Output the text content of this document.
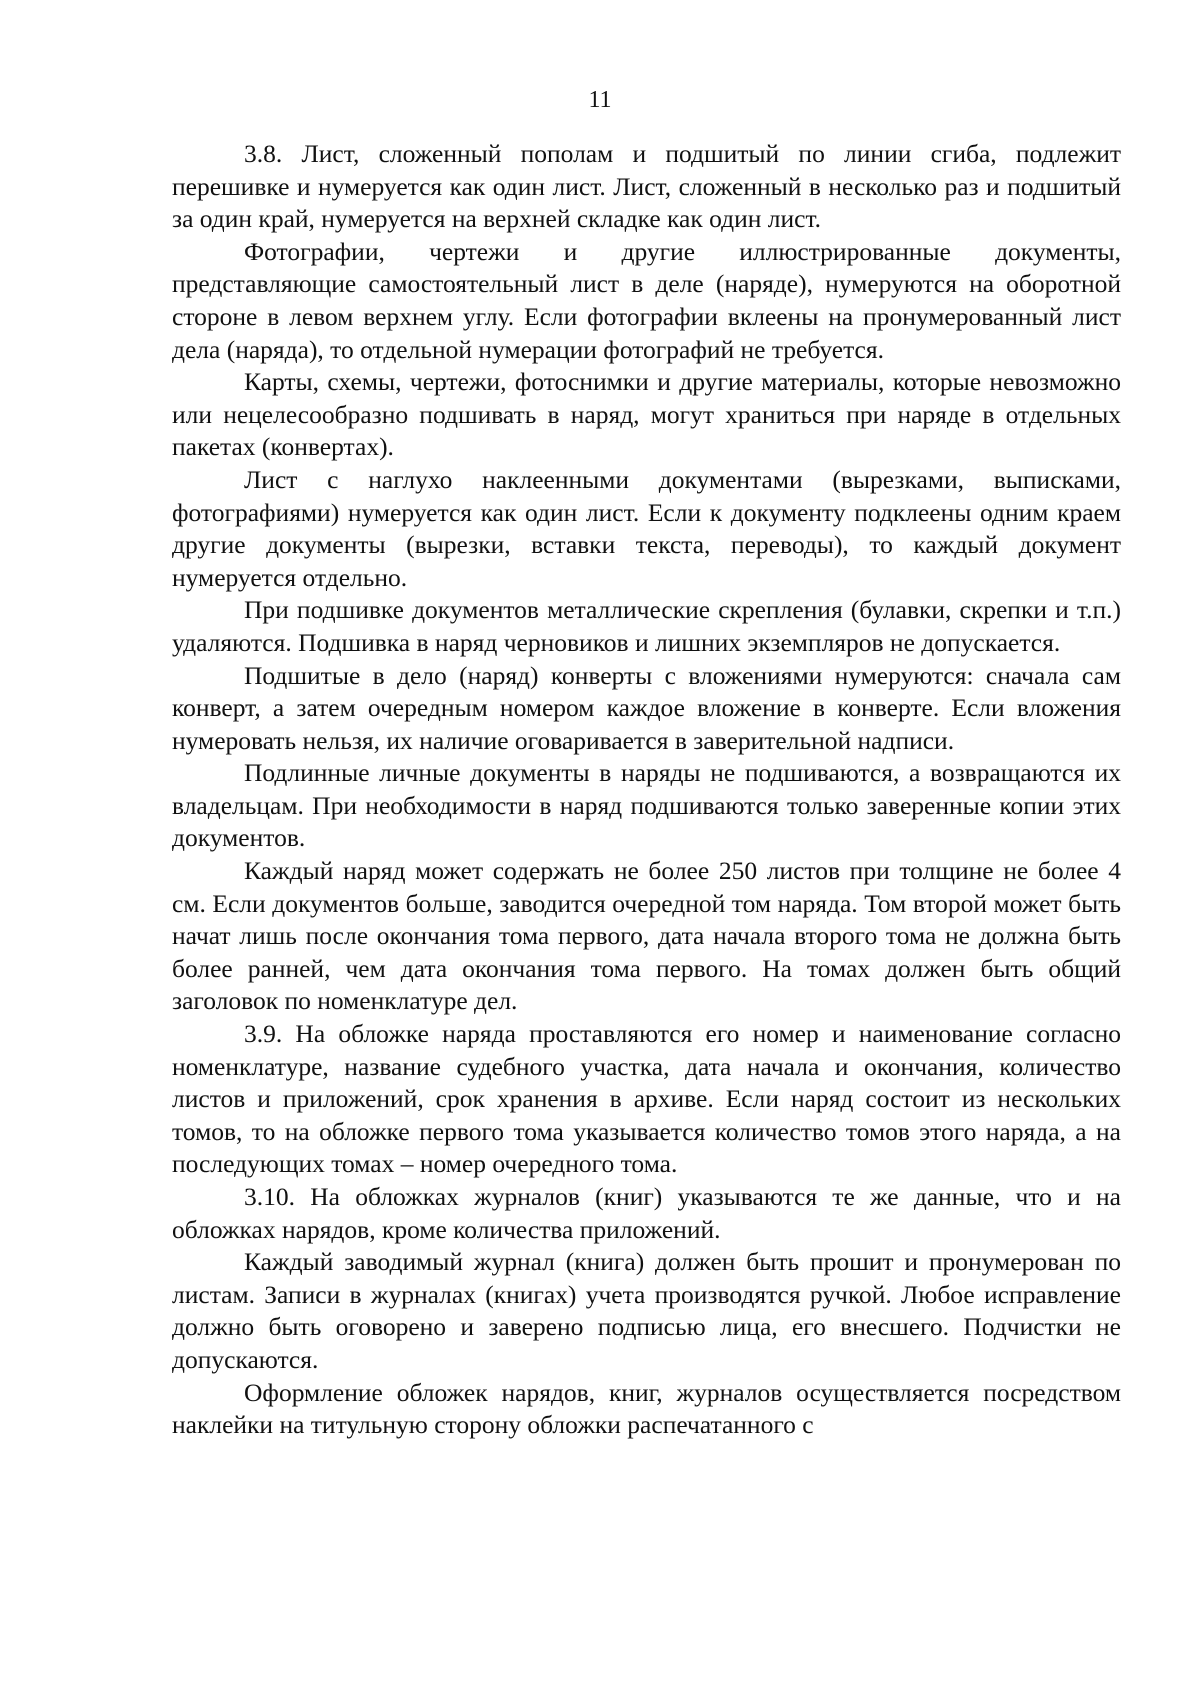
11

3.8. Лист, сложенный пополам и подшитый по линии сгиба, подлежит перешивке и нумеруется как один лист. Лист, сложенный в несколько раз и подшитый за один край, нумеруется на верхней складке как один лист.

Фотографии, чертежи и другие иллюстрированные документы, представляющие самостоятельный лист в деле (наряде), нумеруются на оборотной стороне в левом верхнем углу. Если фотографии вклеены на пронумерованный лист дела (наряда), то отдельной нумерации фотографий не требуется.

Карты, схемы, чертежи, фотоснимки и другие материалы, которые невозможно или нецелесообразно подшивать в наряд, могут храниться при наряде в отдельных пакетах (конвертах).

Лист с наглухо наклеенными документами (вырезками, выписками, фотографиями) нумеруется как один лист. Если к документу подклеены одним краем другие документы (вырезки, вставки текста, переводы), то каждый документ нумеруется отдельно.

При подшивке документов металлические скрепления (булавки, скрепки и т.п.) удаляются. Подшивка в наряд черновиков и лишних экземпляров не допускается.

Подшитые в дело (наряд) конверты с вложениями нумеруются: сначала сам конверт, а затем очередным номером каждое вложение в конверте. Если вложения нумеровать нельзя, их наличие оговаривается в заверительной надписи.

Подлинные личные документы в наряды не подшиваются, а возвращаются их владельцам. При необходимости в наряд подшиваются только заверенные копии этих документов.

Каждый наряд может содержать не более 250 листов при толщине не более 4 см. Если документов больше, заводится очередной том наряда. Том второй может быть начат лишь после окончания тома первого, дата начала второго тома не должна быть более ранней, чем дата окончания тома первого. На томах должен быть общий заголовок по номенклатуре дел.

3.9. На обложке наряда проставляются его номер и наименование согласно номенклатуре, название судебного участка, дата начала и окончания, количество листов и приложений, срок хранения в архиве. Если наряд состоит из нескольких томов, то на обложке первого тома указывается количество томов этого наряда, а на последующих томах – номер очередного тома.

3.10. На обложках журналов (книг) указываются те же данные, что и на обложках нарядов, кроме количества приложений.

Каждый заводимый журнал (книга) должен быть прошит и пронумерован по листам. Записи в журналах (книгах) учета производятся ручкой. Любое исправление должно быть оговорено и заверено подписью лица, его внесшего. Подчистки не допускаются.

Оформление обложек нарядов, книг, журналов осуществляется посредством наклейки на титульную сторону обложки распечатанного с
